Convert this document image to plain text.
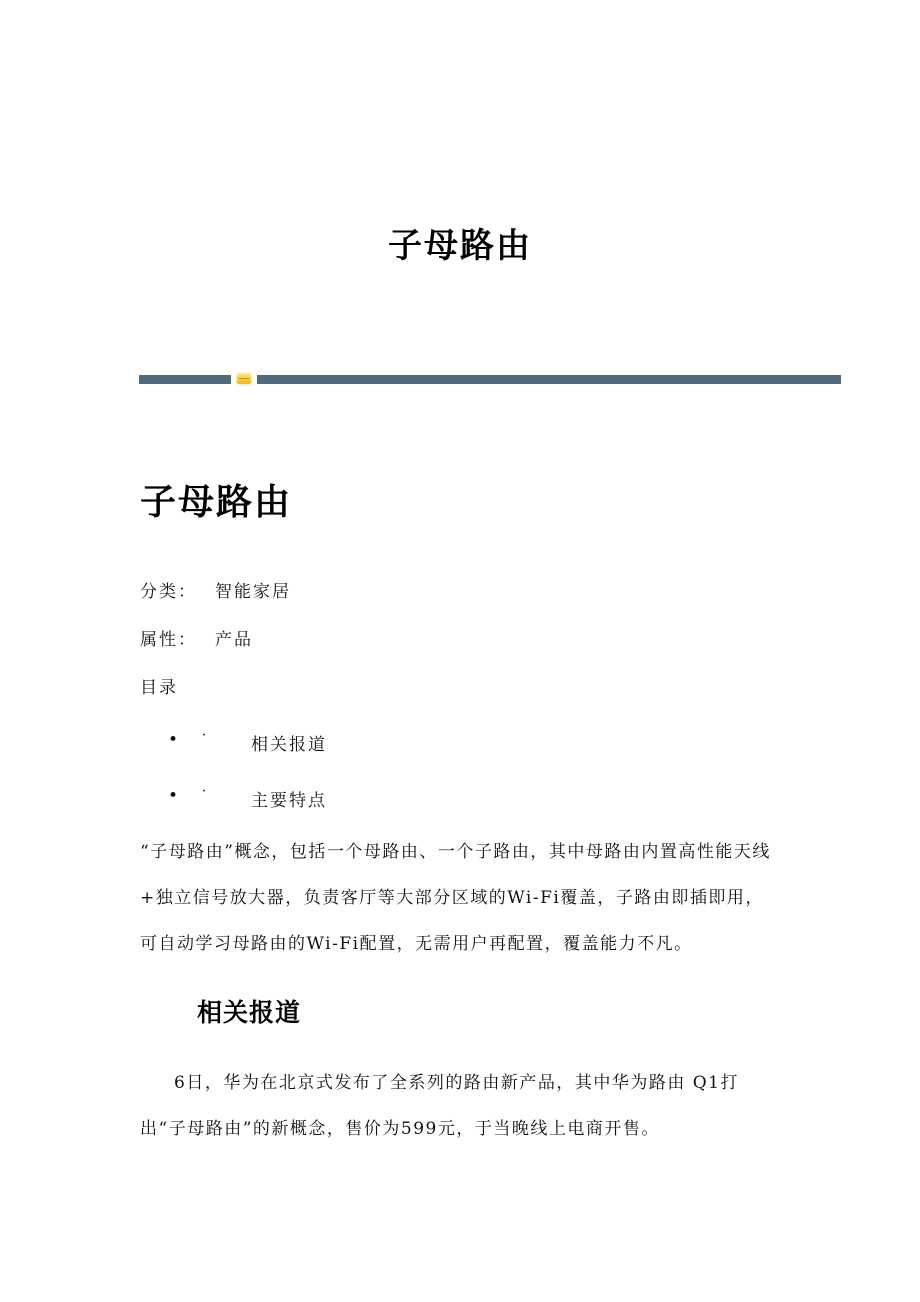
子母路由
子母路由
分类： 智能家居
属性： 产品
目录
• ·	相关报道
• ·	主要特点
“子母路由”概念，包括一个母路由、一个子路由，其中母路由内置高性能天线+独立信号放大器，负责客厅等大部分区域的Wi-Fi覆盖，子路由即插即用，可自动学习母路由的Wi-Fi配置，无需用户再配置，覆盖能力不凡。
相关报道
6日，华为在北京式发布了全系列的路由新产品，其中华为路由 Q1打出“子母路由”的新概念，售价为599元，于当晚线上电商开售。
